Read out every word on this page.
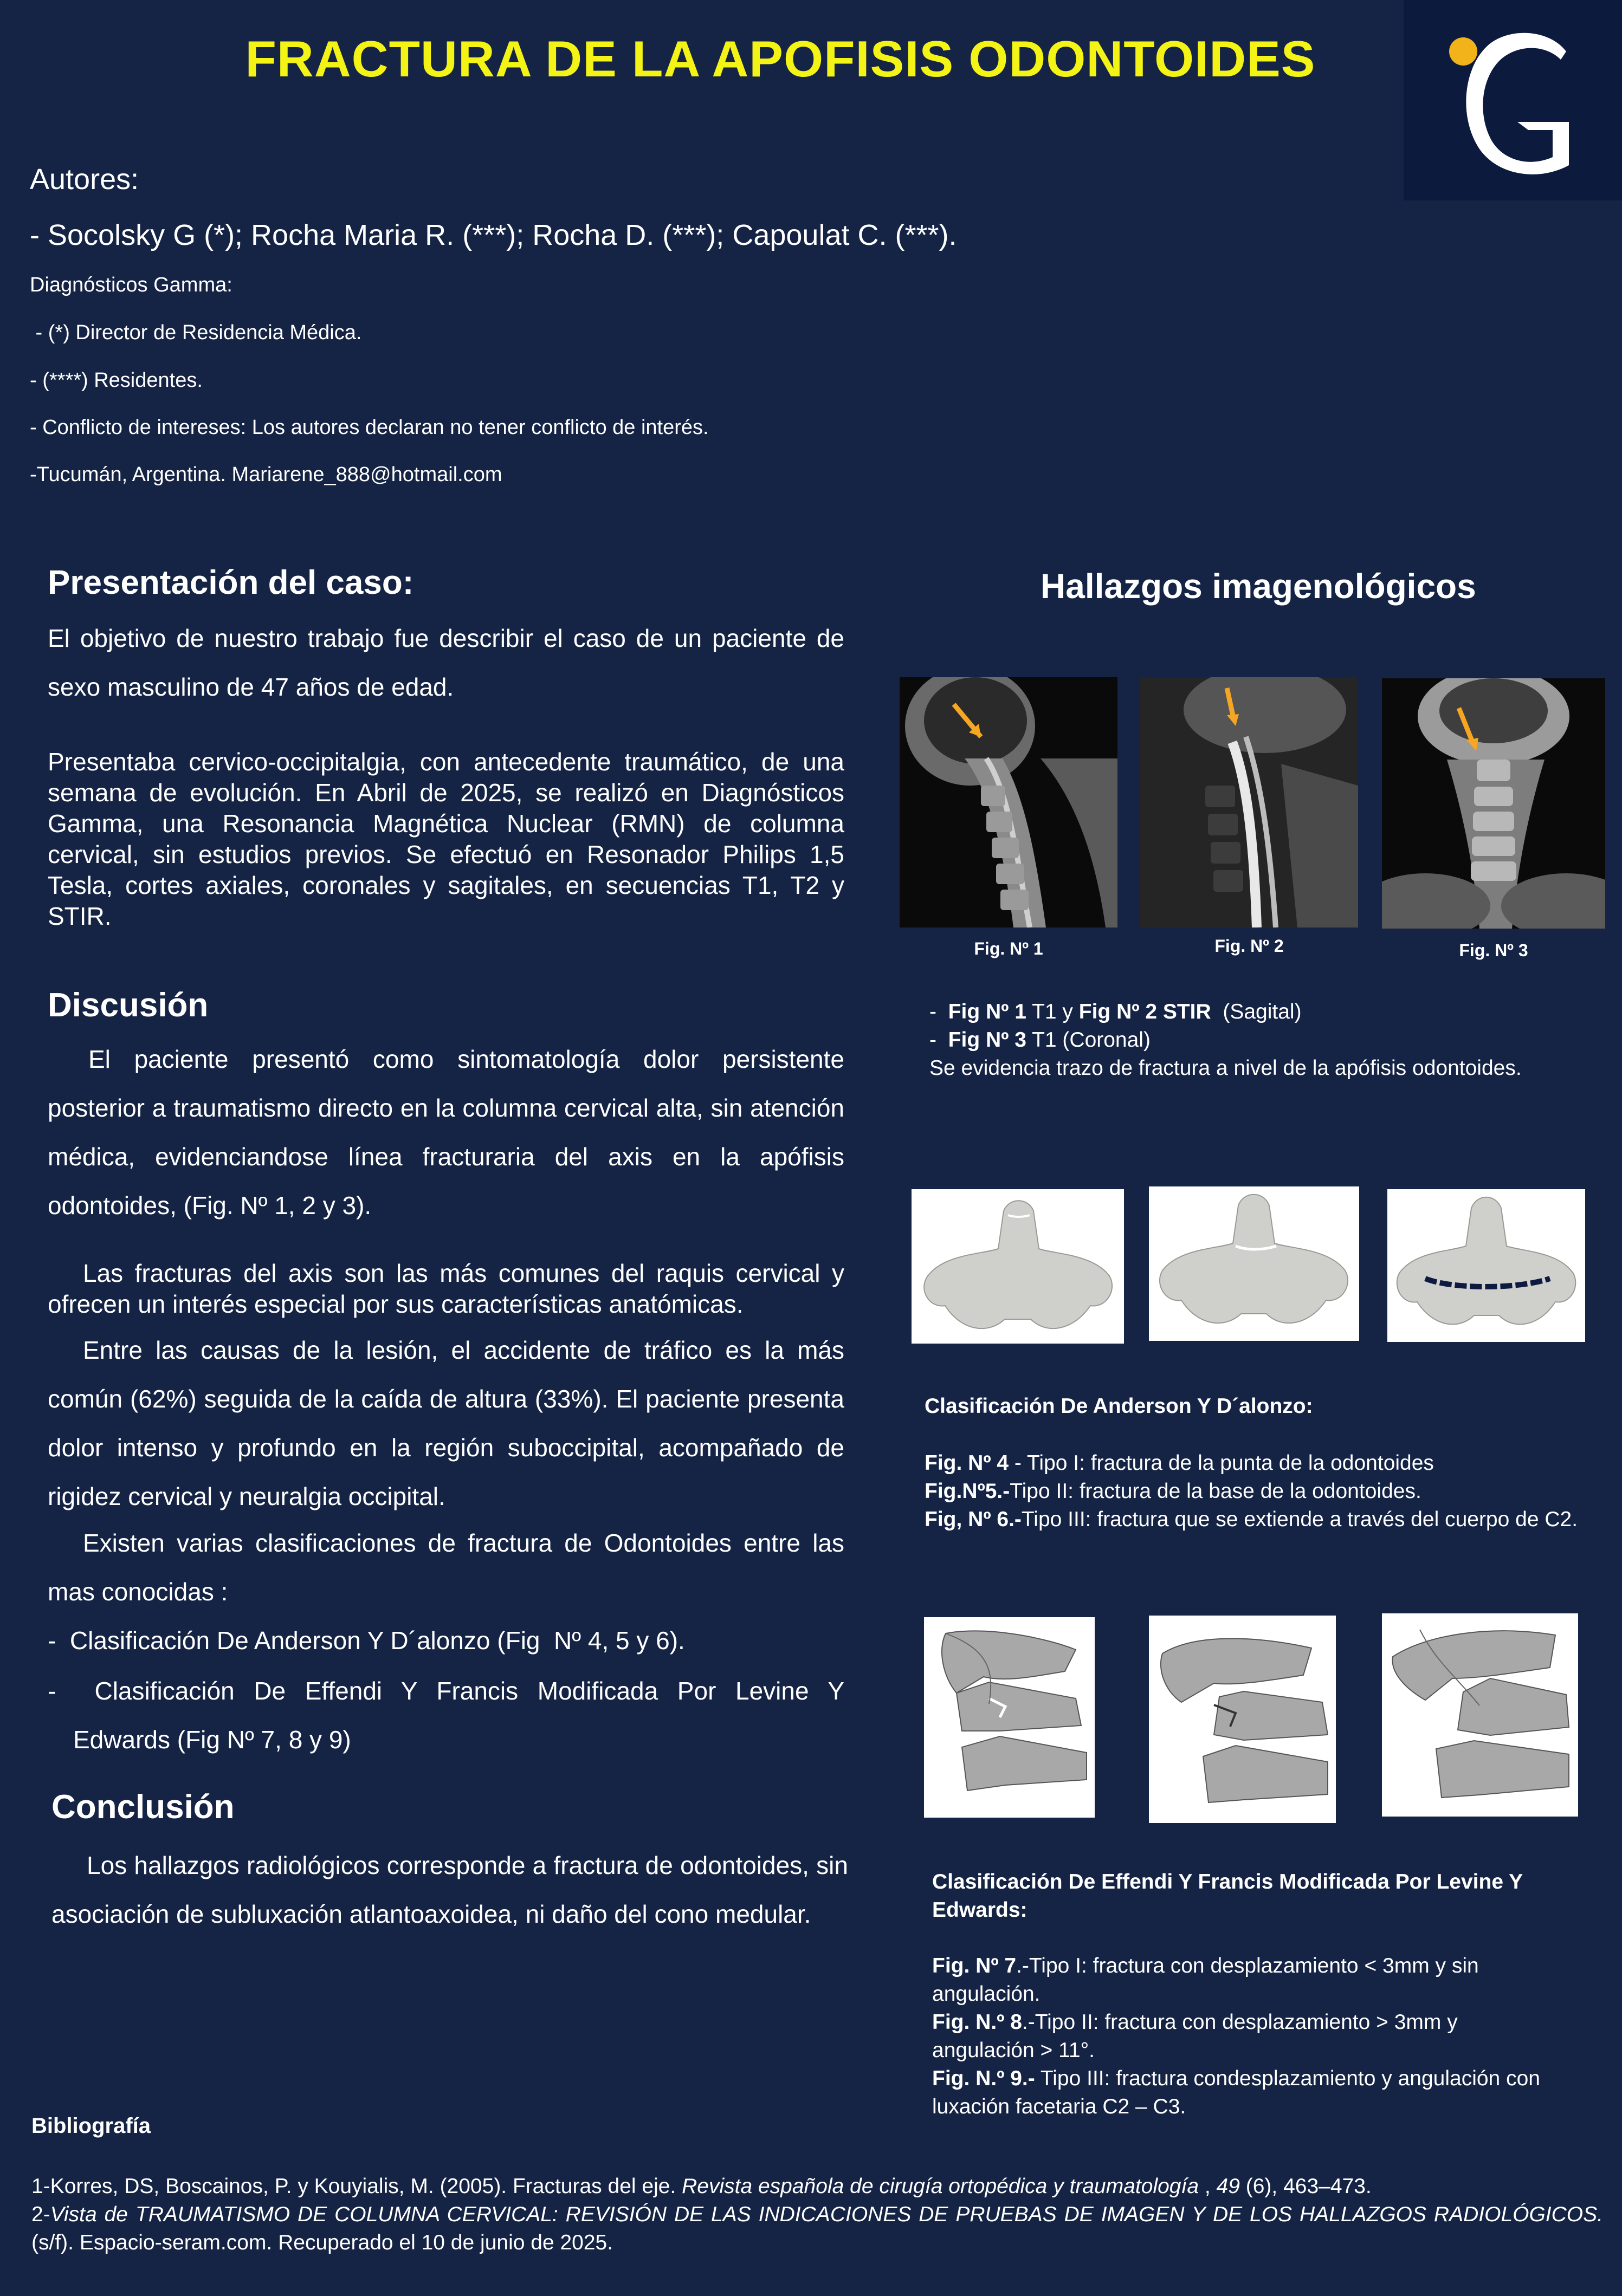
FRACTURA DE LA APOFISIS ODONTOIDES
Autores:
- Socolsky G (*); Rocha Maria R. (***); Rocha D. (***); Capoulat C. (***).
Diagnósticos Gamma:
- (*) Director de Residencia Médica.
- (****) Residentes.
- Conflicto de intereses: Los autores declaran no tener conflicto de interés.
-Tucumán, Argentina. Mariarene_888@hotmail.com
Presentación del caso:

El objetivo de nuestro trabajo fue describir el caso de un paciente de sexo masculino de 47 años de edad.

Presentaba cervico-occipitalgia, con antecedente traumático, de una semana de evolución. En Abril de 2025, se realizó en Diagnósticos Gamma, una Resonancia Magnética Nuclear (RMN) de columna cervical, sin estudios previos. Se efectuó en Resonador Philips 1,5 Tesla, cortes axiales, coronales y sagitales, en secuencias T1, T2 y STIR.

Discusión

El paciente presentó como sintomatología dolor persistente posterior a traumatismo directo en la columna cervical alta, sin atención médica, evidenciandose línea fracturaria del axis en la apófisis odontoides, (Fig. Nº 1, 2 y 3).

Las fracturas del axis son las más comunes del raquis cervical y ofrecen un interés especial por sus características anatómicas.

Entre las causas de la lesión, el accidente de tráfico es la más común (62%) seguida de la caída de altura (33%). El paciente presenta dolor intenso y profundo en la región suboccipital, acompañado de rigidez cervical y neuralgia occipital.

Existen varias clasificaciones de fractura de Odontoides entre las mas conocidas :

-  Clasificación De Anderson Y D´alonzo (Fig  Nº 4, 5 y 6).
-  Clasificación De Effendi Y Francis Modificada Por Levine Y
Edwards (Fig Nº 7, 8 y 9)
Conclusión

Los hallazgos radiológicos corresponde a fractura de odontoides, sin asociación de subluxación atlantoaxoidea, ni daño del cono medular.

Hallazgos imagenológicos
Fig. Nº 1	Fig. Nº 2	Fig. Nº 3
- Fig Nº 1 T1 y Fig Nº 2 STIR  (Sagital)
- Fig Nº 3 T1 (Coronal)
Se evidencia trazo de fractura a nivel de la apófisis odontoides.
Clasificación De Anderson Y D´alonzo:
Fig. Nº 4 - Tipo I: fractura de la punta de la odontoides
Fig.Nº5.-Tipo II: fractura de la base de la odontoides.
Fig, Nº 6.-Tipo III: fractura que se extiende a través del cuerpo de C2.
Clasificación De Effendi Y Francis Modificada Por Levine Y Edwards:
Fig. Nº 7.-Tipo I: fractura con desplazamiento < 3mm y sin angulación.
Fig. N.º 8.-Tipo II: fractura con desplazamiento > 3mm y angulación > 11°.
Fig. N.º 9.- Tipo III: fractura condesplazamiento y angulación con luxación facetaria C2 – C3.
Bibliografía

1-Korres, DS, Boscainos, P. y Kouyialis, M. (2005). Fracturas del eje. Revista española de cirugía ortopédica y traumatología , 49 (6), 463–473.

2-Vista de TRAUMATISMO DE COLUMNA CERVICAL: REVISIÓN DE LAS INDICACIONES DE PRUEBAS DE IMAGEN Y DE LOS HALLAZGOS RADIOLÓGICOS. (s/f). Espacio-seram.com. Recuperado el 10 de junio de 2025.
